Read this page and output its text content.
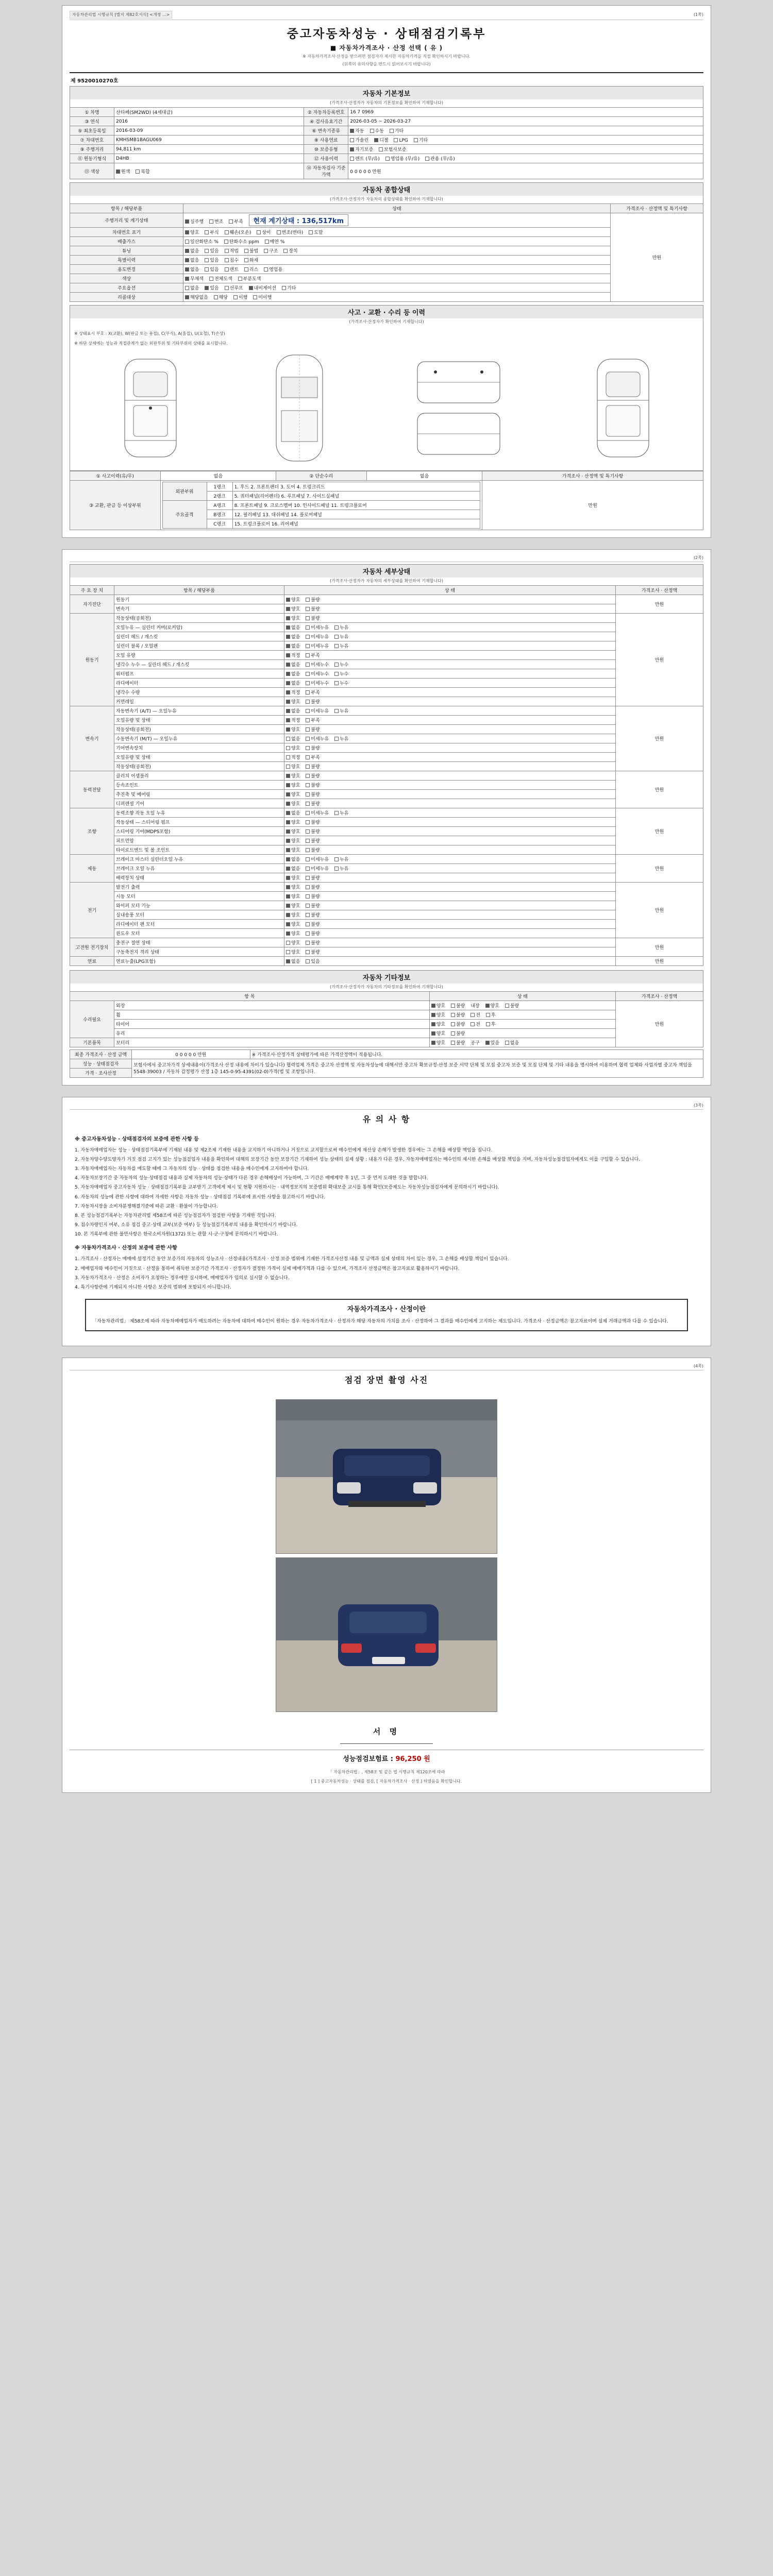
자동차관리법 시행규칙 [별지 제82호서식] <개정 ...>	(1쪽)
중고자동차성능 · 상태점검기록부
■ 자동차가격조사 · 산정 선택 ( 유 )
※ 자동차가격조사·산정을 받으려면 점검자가 제시한 자동차가격을 직접 확인하시기 바랍니다.
(뒤쪽의 유의사항을 반드시 읽어보시기 바랍니다)
제 9520010270호
자동차 기본정보
(가격조사·산정자가 자동차의 기본정보를 확인하여 기재합니다)
① 차명	산타페(SM2WD) (4세대급)	② 자동차등록번호	16 7 0969
③ 연식	2016	④ 검사유효기간	2026-03-05 ~ 2026-03-27
⑤ 최초등록일	2016-03-09	⑥ 변속기종류	자동 수동 기타
⑦ 차대번호	KMHSMB1BAGU069	⑧ 사용연료	가솔린 디젤 LPG 기타
⑨ 주행거리	94,811 km	⑩ 보증유형	자기보증 보험사보증
⑪ 원동기형식	D4HB	⑫ 사용이력	렌트 (무/유) 영업용 (무/유) 관용 (무/유)
⑬ 색상	원색 복합	⑭ 자동차검사 기준가액	0 0 0 0 0 만원
자동차 종합상태
(가격조사·산정자가 자동차의 종합상태를 확인하여 기재합니다)
항목 / 해당부품	상태	가격조사 · 산정액 및 특기사항
주행거리 및 계기상태	실주행 변조 부족 현재 계기상태 : 136,517km	만원
차대번호 표기	양호 부식 훼손(오손) 상이 변조(변타) 도말	
배출가스	일산화탄소 % 탄화수소 ppm 매연 %	
튜닝	없음 있음 적법 불법 구조 장치	
특별이력	없음 있음 침수 화재	
용도변경	없음 있음 렌트 리스 영업용	
색상	무채색 전체도색 부분도색	
주요옵션	없음 있음 선루프 내비게이션 기타	
리콜대상	해당없음 해당 이행 미이행	
사고 · 교환 · 수리 등 이력
(가격조사·산정자가 확인하여 기재합니다)
※ 상태표시 부호 : X(교환), W(판금 또는 용접), C(부식), A(흠집), U(요철), T(손상)
※ 하단 상세에는 성능과 직접관계가 없는 외판부위 및 기타부위의 상태를 표시합니다.
① 사고이력(유/무)	없음	② 단순수리	없음	가격조사 · 산정액 및 특기사항
③ 교환, 판금 등 이상부위	
외판부위	1랭크	1. 후드 2. 프론트팬더 3. 도어 4. 트렁크리드
2랭크	5. 쿼터패널(리어팬더) 6. 루프패널 7. 사이드실패널
주요골격	A랭크	8. 프론트패널 9. 크로스멤버 10. 인사이드패널 11. 트렁크플로어
B랭크	12. 필러패널 13. 대쉬패널 14. 플로어패널
C랭크	15. 트렁크플로어 16. 리어패널
	만원
(2쪽)
자동차 세부상태
(가격조사·산정자가 자동차의 세부상태를 확인하여 기재합니다)
주 요 장 치	항목 / 해당부품	상 태	가격조사 · 산정액
자기진단	원동기	양호 불량	만원
	변속기	양호 불량	
원동기	작동상태(공회전)	양호 불량	만원
	오일누유 — 실린더 커버(로커암)	없음 미세누유 누유	
	실린더 헤드 / 개스킷	없음 미세누유 누유	
	실린더 블록 / 오일팬	없음 미세누유 누유	
	오일 유량	적정 부족	
	냉각수 누수 — 실린더 헤드 / 개스킷	없음 미세누수 누수	
	워터펌프	없음 미세누수 누수	
	라디에이터	없음 미세누수 누수	
	냉각수 수량	적정 부족	
	커먼레일	양호 불량	
변속기	자동변속기 (A/T) — 오일누유	없음 미세누유 누유	만원
	오일유량 및 상태	적정 부족	
	작동상태(공회전)	양호 불량	
	수동변속기 (M/T) — 오일누유	없음 미세누유 누유	
	기어변속장치	양호 불량	
	오일유량 및 상태	적정 부족	
	작동상태(공회전)	양호 불량	
동력전달	클러치 어셈블리	양호 불량	만원
	등속조인트	양호 불량	
	추진축 및 베어링	양호 불량	
	디퍼렌셜 기어	양호 불량	
조향	동력조향 작동 오일 누유	없음 미세누유 누유	만원
	작동상태 — 스티어링 펌프	양호 불량	
	스티어링 기어(MDPS포함)	양호 불량	
	피트먼암	양호 불량	
	타이로드엔드 및 볼 조인트	양호 불량	
제동	브레이크 마스터 실린더오일 누유	없음 미세누유 누유	만원
	브레이크 오일 누유	없음 미세누유 누유	
	배력장치 상태	양호 불량	
전기	발전기 출력	양호 불량	만원
	시동 모터	양호 불량	
	와이퍼 모터 기능	양호 불량	
	실내송풍 모터	양호 불량	
	라디에이터 팬 모터	양호 불량	
	윈도우 모터	양호 불량	
고전원 전기장치	충전구 절연 상태	양호 불량	만원
	구동축전지 격리 상태	양호 불량	
연료	연료누출(LPG포함)	없음 있음	만원
자동차 기타정보
(가격조사·산정자가 자동차의 기타정보를 확인하여 기재합니다)
항 목		상 태	가격조사 · 산정액
수리필요	외장	양호 불량 내장 양호 불량	만원
	휠	양호 불량 전 후	
	타이어	양호 불량 전 후	
	유리	양호 불량	
기본품목	보터리	양호 불량 공구 있음 없음	
최종 가격조사 · 산정 금액	0 0 0 0 0 만원	※ 가격조사·산정가격 상태평가에 따른 가격산정액이 적용됩니다.
성능 · 상태점검자	보험사에서 중고차가격 상세내용이(가격조사 산정 내용에 차이가 있습니다) 협력업체 가격은 중고차 산정액 및 자동차성능에 대해서만 중고차 확보규정·산정 보증 서약 단체 및 모집 중고차 보증 및 모집 단체 및 기타 내용을 명시하여 이용하며 협력 업체와 사업자별 중고차 책임을 5548-39003 / 자동차 감정평가 산정 1층 145-0-95-4391(02-0)가격(법 및 조항입니다.	
가격 · 조사산정		
(3쪽)
유 의 사 항
※ 중고자동차성능 · 상태점검자의 보증에 관한 사항 등

1. 자동차매매업자는 성능 · 상태점검기록부에 기재된 내용 및 제2조제 기재한 내용을 교지하기 아니하거나 거짓으로 교지할으로써 매수인에게 재산상 손해가 발생한 경우에는 그 손해를 배상할 책임을 집니다.

2. 자동차양수양도양자가 거짓 점검 고지가 있는 성능점검업자 내용을 확인하여 대해의 보장기간 동안 보장기간 기재하여 성능 상태의 실제 상황 : 내용가 다른 경우, 자동차매매업자는 매수인의 제시한 손해를 배상할 책임을 지며, 자동차성능점검업자에게도 이를 구입할 수 있습니다.

3. 자동차매매업자는 자동차를 매도할 때에 그 자동차의 성능 · 상태를 점검한 내용을 매수인에게 고지하여야 합니다.

4. 자동차보장기간 중 자동차의 성능·상태점검 내용과 실제 자동차의 성능·상태가 다른 경우 손해배상이 가능하며, 그 기간은 매매계약 후 1년, 그 중 먼저 도래한 것을 말합니다.

5. 자동차매매업자 중고자동차 성능 · 상태점검기록부를 교부받기 고객에게 제시 및 현황 지원하시는 · 내역정보지의 보증범위 확대보증 교시를 통해 확인(보증제도는 자동차성능점검자에게 문의하시기 바랍니다).

6. 자동차의 성능에 관한 사항에 대하여 자세한 사항은 자동차 성능 · 상태점검 기록부에 표시한 사항을 참고하시기 바랍니다.

7. 자동차시장을 소비자분쟁해결기준에 따른 교환 · 환불이 가능합니다.

8. 본 성능점검기록부는 자동차관리법 제58조에 따른 성능점검자가 점검한 사항을 기재한 것입니다.

9. 침수차량인지 여부, 소유 점검 중고·상태 교부(보증 여부) 등 성능점검기록부의 내용을 확인하시기 바랍니다.

10. 본 기록부에 관한 불만사항은 한국소비자원(1372) 또는 관할 시·군·구청에 문의하시기 바랍니다.

※ 자동차가격조사 · 산정의 보증에 관한 사항

1. 가격조사 · 산정자는 매매에 설정기간 동안 보증가의 자동차의 성능조사 · 산정내용(가격조사 · 산정 보증 범위에 기재한 가격조사산정 내용 및 금액과 실제 상태의 차이 있는 경우, 그 손해를 배상할 책임이 있습니다.

2. 매매업자와 매수인이 거짓으로 · 산정을 통하여 취득한 보증기간 가격조사 · 산정자가 결정한 가격이 실제 매매가격과 다를 수 있으며, 가격조사 산정금액은 참고자료로 활용하시기 바랍니다.

3. 자동차가격조사 · 산정은 소비자가 요청하는 경우에만 실시하며, 매매업자가 임의로 실시할 수 없습니다.

4. 특기사항란에 기재되지 아니한 사항은 보증의 범위에 포함되지 아니합니다.

자동차가격조사 · 산정이란
「자동차관리법」 제58조에 따라 자동차매매업자가 매도하려는 자동차에 대하여 매수인이 원하는 경우 자동차가격조사 · 산정자가 해당 자동차의 가치를 조사 · 산정하여 그 결과를 매수인에게 고지하는 제도입니다. 가격조사 · 산정금액은 참고자료이며 실제 거래금액과 다를 수 있습니다.
(4쪽)
점검 장면 촬영 사진
서 명
성능점검보험료 : 96,250 원
「 자동차관리법」, 제58조 및 같은 법 시행규칙 제120조에 따라
[ 1 ] 중고자동차성능 · 상태를 점검, [ 자동차가격조사 · 산정 ] 하였음을 확인합니다.
